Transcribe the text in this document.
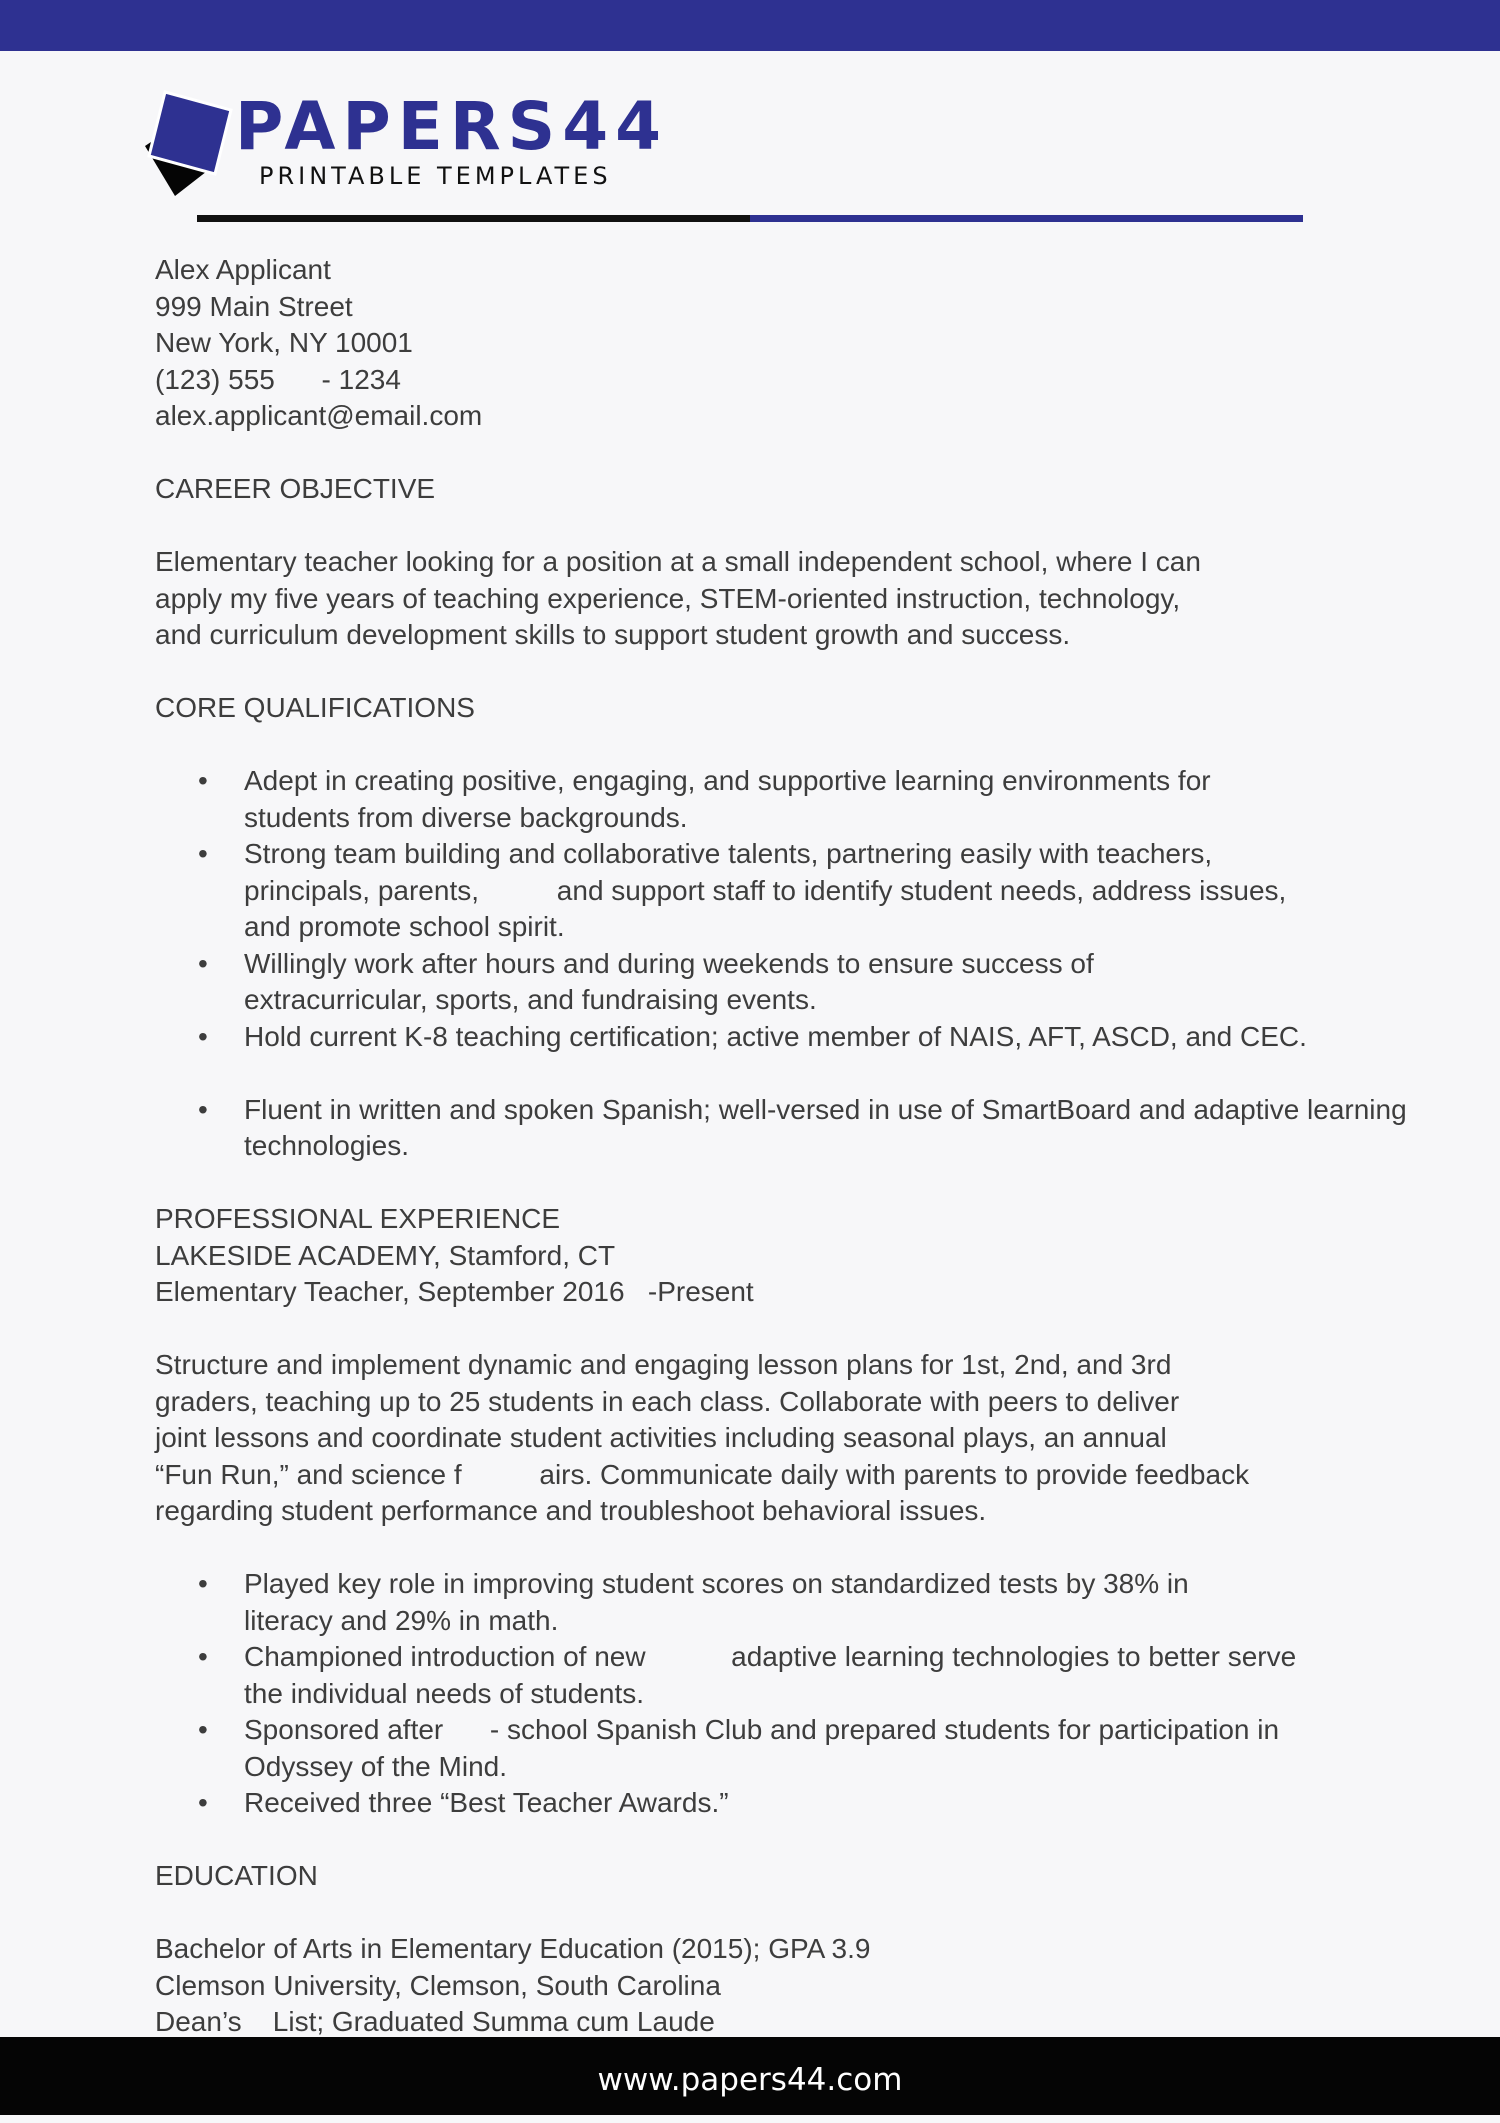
PAPERS44
PRINTABLE TEMPLATES

Alex Applicant

999 Main Street

New York, NY 10001

(123) 555      - 1234

alex.applicant@email.com

CAREER OBJECTIVE

Elementary teacher looking for a position at a small independent school, where I can

apply my five years of teaching experience, STEM-oriented instruction, technology,

and curriculum development skills to support student growth and success.

CORE QUALIFICATIONS

• Adept in creating positive, engaging, and supportive learning environments for

students from diverse backgrounds.

• Strong team building and collaborative talents, partnering easily with teachers,

principals, parents,          and support staff to identify student needs, address issues,

and promote school spirit.

• Willingly work after hours and during weekends to ensure success of

extracurricular, sports, and fundraising events.

• Hold current K-8 teaching certification; active member of NAIS, AFT, ASCD, and CEC.

• Fluent in written and spoken Spanish; well-versed in use of SmartBoard and adaptive learning

technologies.

PROFESSIONAL EXPERIENCE

LAKESIDE ACADEMY, Stamford, CT

Elementary Teacher, September 2016   -Present

Structure and implement dynamic and engaging lesson plans for 1st, 2nd, and 3rd

graders, teaching up to 25 students in each class. Collaborate with peers to deliver

joint lessons and coordinate student activities including seasonal plays, an annual

“Fun Run,” and science f          airs. Communicate daily with parents to provide feedback

regarding student performance and troubleshoot behavioral issues.

• Played key role in improving student scores on standardized tests by 38% in

literacy and 29% in math.

• Championed introduction of new           adaptive learning technologies to better serve

the individual needs of students.

• Sponsored after      - school Spanish Club and prepared students for participation in

Odyssey of the Mind.

• Received three “Best Teacher Awards.”

EDUCATION

Bachelor of Arts in Elementary Education (2015); GPA 3.9

Clemson University, Clemson, South Carolina

Dean’s    List; Graduated Summa cum Laude

www.papers44.com
